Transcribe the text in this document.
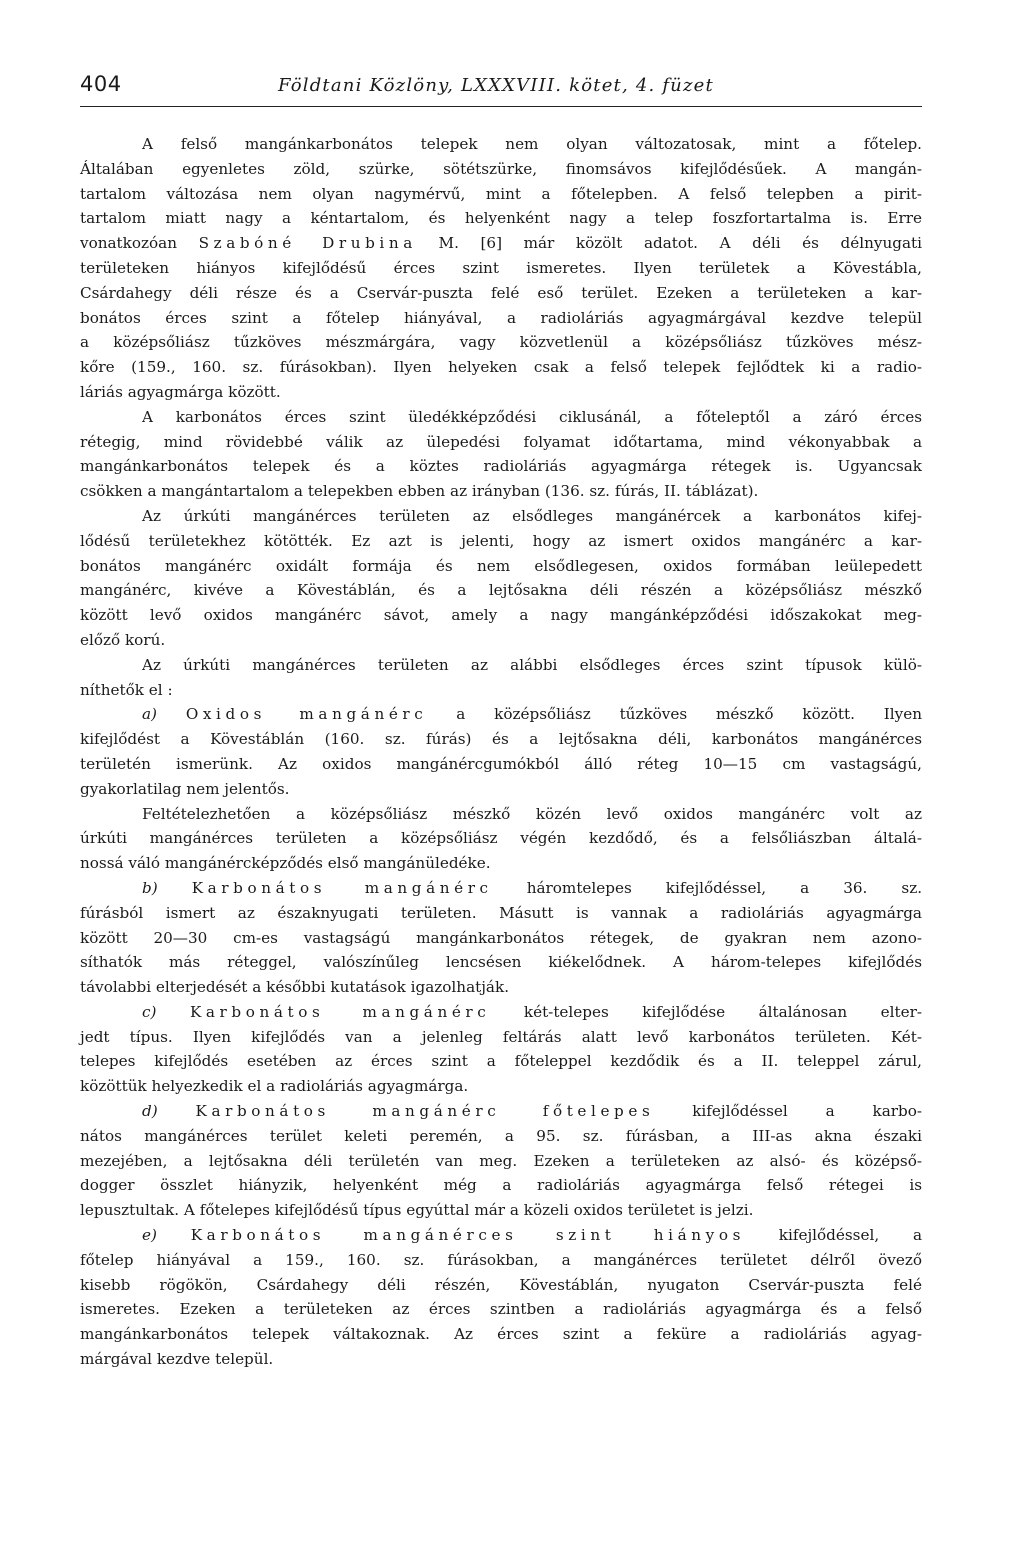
404	Földtani Közlöny, LXXXVIII. kötet, 4. füzet
A felső mangánkarbonátos telepek nem olyan változatosak, mint a főtelep.
Általában egyenletes zöld, szürke, sötétszürke, finomsávos kifejlődésűek. A mangán-
tartalom változása nem olyan nagymérvű, mint a főtelepben. A felső telepben a pirit-
tartalom miatt nagy a kéntartalom, és helyenként nagy a telep foszfortartalma is. Erre
vonatkozóan Szabóné Drubina M. [6] már közölt adatot. A déli és délnyugati
területeken hiányos kifejlődésű érces szint ismeretes. Ilyen területek a Kövestábla,
Csárdahegy déli része és a Cservár-puszta felé eső terület. Ezeken a területeken a kar-
bonátos érces szint a főtelep hiányával, a radioláriás agyagmárgával kezdve települ
a középsőliász tűzköves mészmárgára, vagy közvetlenül a középsőliász tűzköves mész-
kőre (159., 160. sz. fúrásokban). Ilyen helyeken csak a felső telepek fejlődtek ki a radio-
láriás agyagmárga között.
A karbonátos érces szint üledékképződési ciklusánál, a főteleptől a záró érces
rétegig, mind rövidebbé válik az ülepedési folyamat időtartama, mind vékonyabbak a
mangánkarbonátos telepek és a köztes radioláriás agyagmárga rétegek is. Ugyancsak
csökken a mangántartalom a telepekben ebben az irányban (136. sz. fúrás, II. táblázat).
Az úrkúti mangánérces területen az elsődleges mangánércek a karbonátos kifej-
lődésű területekhez kötötték. Ez azt is jelenti, hogy az ismert oxidos mangánérc a kar-
bonátos mangánérc oxidált formája és nem elsődlegesen, oxidos formában leülepedett
mangánérc, kivéve a Kövestáblán, és a lejtősakna déli részén a középsőliász mészkő
között levő oxidos mangánérc sávot, amely a nagy mangánképződési időszakokat meg-
előző korú.
Az úrkúti mangánérces területen az alábbi elsődleges érces szint típusok külö-
níthetők el :
a) Oxidos mangánérc a középsőliász tűzköves mészkő között. Ilyen
kifejlődést a Kövestáblán (160. sz. fúrás) és a lejtősakna déli, karbonátos mangánérces
területén ismerünk. Az oxidos mangánércgumókból álló réteg 10—15 cm vastagságú,
gyakorlatilag nem jelentős.
Feltételezhetően a középsőliász mészkő közén levő oxidos mangánérc volt az
úrkúti mangánérces területen a középsőliász végén kezdődő, és a felsőliászban általá-
nossá váló mangánércképződés első mangánüledéke.
b) Karbonátos mangánérc háromtelepes kifejlődéssel, a 36. sz.
fúrásból ismert az északnyugati területen. Másutt is vannak a radioláriás agyagmárga
között 20—30 cm-es vastagságú mangánkarbonátos rétegek, de gyakran nem azono-
síthatók más réteggel, valószínűleg lencsésen kiékelődnek. A három-telepes kifejlődés
távolabbi elterjedését a későbbi kutatások igazolhatják.
c) Karbonátos mangánérc két-telepes kifejlődése általánosan elter-
jedt típus. Ilyen kifejlődés van a jelenleg feltárás alatt levő karbonátos területen. Két-
telepes kifejlődés esetében az érces szint a főteleppel kezdődik és a II. teleppel zárul,
közöttük helyezkedik el a radioláriás agyagmárga.
d) Karbonátos mangánérc főtelepes kifejlődéssel a karbo-
nátos mangánérces terület keleti peremén, a 95. sz. fúrásban, a III-as akna északi
mezejében, a lejtősakna déli területén van meg. Ezeken a területeken az alsó- és középső-
dogger összlet hiányzik, helyenként még a radioláriás agyagmárga felső rétegei is
lepusztultak. A főtelepes kifejlődésű típus egyúttal már a közeli oxidos területet is jelzi.
e) Karbonátos mangánérces szint hiányos kifejlődéssel, a
főtelep hiányával a 159., 160. sz. fúrásokban, a mangánérces területet délről övező
kisebb rögökön, Csárdahegy déli részén, Kövestáblán, nyugaton Cservár-puszta felé
ismeretes. Ezeken a területeken az érces szintben a radioláriás agyagmárga és a felső
mangánkarbonátos telepek váltakoznak. Az érces szint a feküre a radioláriás agyag-
márgával kezdve települ.
